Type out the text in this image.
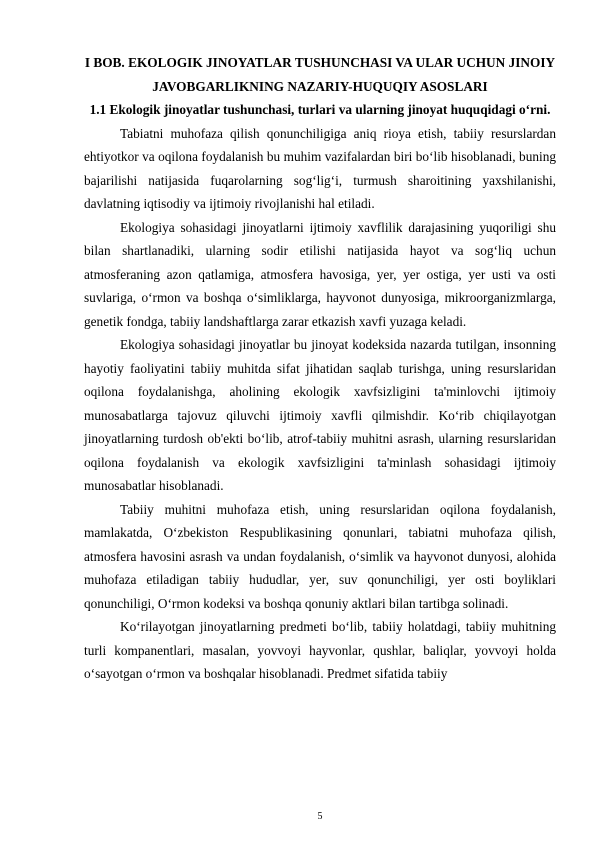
I BOB. EKOLOGIK JINOYATLAR TUSHUNCHASI VA ULAR UCHUN JINOIY JAVOBGARLIKNING NAZARIY-HUQUQIY ASOSLARI

1.1 Ekologik jinoyatlar tushunchasi, turlari va ularning jinoyat huquqidagi o‘rni.

Tabiatni muhofaza qilish qonunchiligiga aniq rioya etish, tabiiy resurslardan ehtiyotkor va oqilona foydalanish bu muhim vazifalardan biri bo‘lib hisoblanadi, buning bajarilishi natijasida fuqarolarning sog‘lig‘i, turmush sharoitining yaxshilanishi, davlatning iqtisodiy va ijtimoiy rivojlanishi hal etiladi.

Ekologiya sohasidagi jinoyatlarni ijtimoiy xavflilik darajasining yuqoriligi shu bilan shartlanadiki, ularning sodir etilishi natijasida hayot va sog‘liq uchun atmosferaning azon qatlamiga, atmosfera havosiga, yer, yer ostiga, yer usti va osti suvlariga, o‘rmon va boshqa o‘simliklarga, hayvonot dunyosiga, mikroorganizmlarga, genetik fondga, tabiiy landshaftlarga zarar etkazish xavfi yuzaga keladi.

Ekologiya sohasidagi jinoyatlar bu jinoyat kodeksida nazarda tutilgan, insonning hayotiy faoliyatini tabiiy muhitda sifat jihatidan saqlab turishga, uning resurslaridan oqilona foydalanishga, aholining ekologik xavfsizligini ta'minlovchi ijtimoiy munosabatlarga tajovuz qiluvchi ijtimoiy xavfli qilmishdir. Ko‘rib chiqilayotgan jinoyatlarning turdosh ob'ekti bo‘lib, atrof-tabiiy muhitni asrash, ularning resurslaridan oqilona foydalanish va ekologik xavfsizligini ta'minlash sohasidagi ijtimoiy munosabatlar hisoblanadi.

Tabiiy muhitni muhofaza etish, uning resurslaridan oqilona foydalanish, mamlakatda, O‘zbekiston Respublikasining qonunlari, tabiatni muhofaza qilish, atmosfera havosini asrash va undan foydalanish, o‘simlik va hayvonot dunyosi, alohida muhofaza etiladigan tabiiy hududlar, yer, suv qonunchiligi, yer osti boyliklari qonunchiligi, O‘rmon kodeksi va boshqa qonuniy aktlari bilan tartibga solinadi.

Ko‘rilayotgan jinoyatlarning predmeti bo‘lib, tabiiy holatdagi, tabiiy muhitning turli kompanentlari, masalan, yovvoyi hayvonlar, qushlar, baliqlar, yovvoyi holda o‘sayotgan o‘rmon va boshqalar hisoblanadi. Predmet sifatida tabiiy

5
